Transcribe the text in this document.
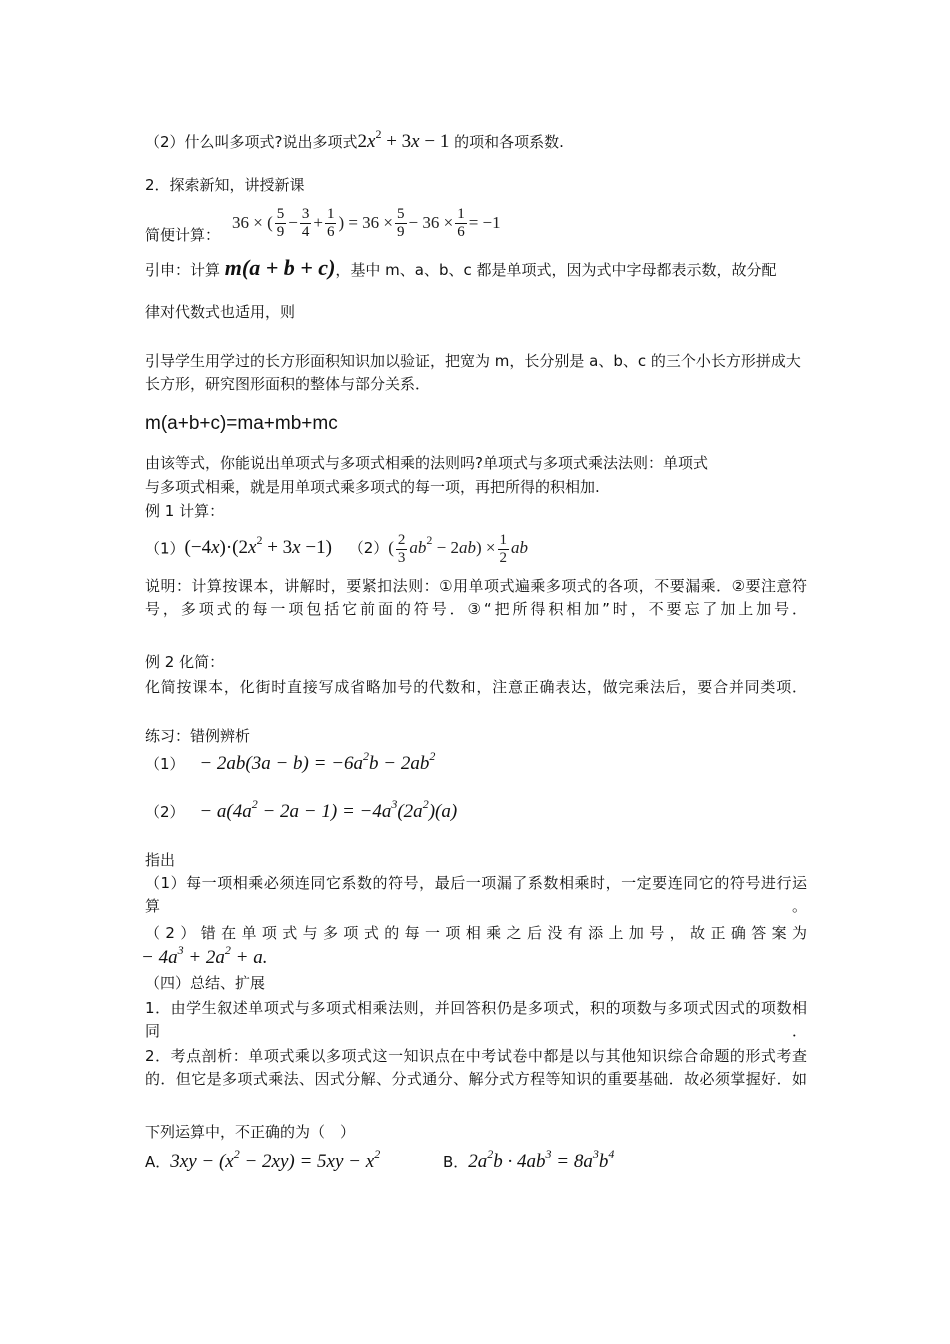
（2）什么叫多项式?说出多项式$2x^2 + 3x - 1$ 的项和各项系数.
2．探索新知，讲授新课
36 × ( $\frac{5}{9} - \frac{3}{4} + \frac{1}{6}$ ) = $36 \times \frac{5}{9} - 36 \times \frac{1}{6} = -1$
简便计算：
引申：计算 m(a + b + c)，基中 m、a、b、c 都是单项式，因为式中字母都表示数，故分配
律对代数式也适用，则
引导学生用学过的长方形面积知识加以验证，把宽为 m，长分别是 a、b、c 的三个小长方形拼成大长方形，研究图形面积的整体与部分关系．
m(a+b+c)=ma+mb+mc
由该等式，你能说出单项式与多项式相乘的法则吗?单项式与多项式乘法法则：单项式
与多项式相乘，就是用单项式乘多项式的每一项，再把所得的积相加.
例 1 计算：
$(1)(-4x)\cdot(2x^2 + 3x -1)$ $(2)( \frac{2}{3} ab^2 - 2ab) \times \frac{1}{2}$ ab
说明：计算按课本，讲解时，要紧扣法则：①用单项式遍乘多项式的各项，不要漏乘．②要注意符号，多项式的每一项包括它前面的符号．③“把所得积相加”时，不要忘了加上加号．
例 2 化简：
化简按课本，化街时直接写成省略加号的代数和，注意正确表达，做完乘法后，要合并同类项．
练习：错例辨析
$(1) - 2ab(3a - b) = -6a^2b - 2ab^2$
$(2) - a(4a^2 - 2a - 1) = -4a^3(2a^2)(a)$
指出
（1）每一项相乘必须连同它系数的符号，最后一项漏了系数相乘时，一定要连同它的符号进行运算。
（2）错在单项式与多项式的每一项相乘之后没有添上加号，故正确答案为
− $4a^3 + 2a^2 + a$.
（四）总结、扩展
1．由学生叙述单项式与多项式相乘法则，并回答积仍是多项式，积的项数与多项式因式的项数相同．
2．考点剖析：单项式乘以多项式这一知识点在中考试卷中都是以与其他知识综合命题的形式考查的．但它是多项式乘法、因式分解、分式通分、解分式方程等知识的重要基础．故必须掌握好．如
下列运算中，不正确的为（　）
A．$3xy - (x^2 - 2xy) = 5xy - x^2$	B．$2a^2b \cdot 4ab^3 = 8a^3b^4$
